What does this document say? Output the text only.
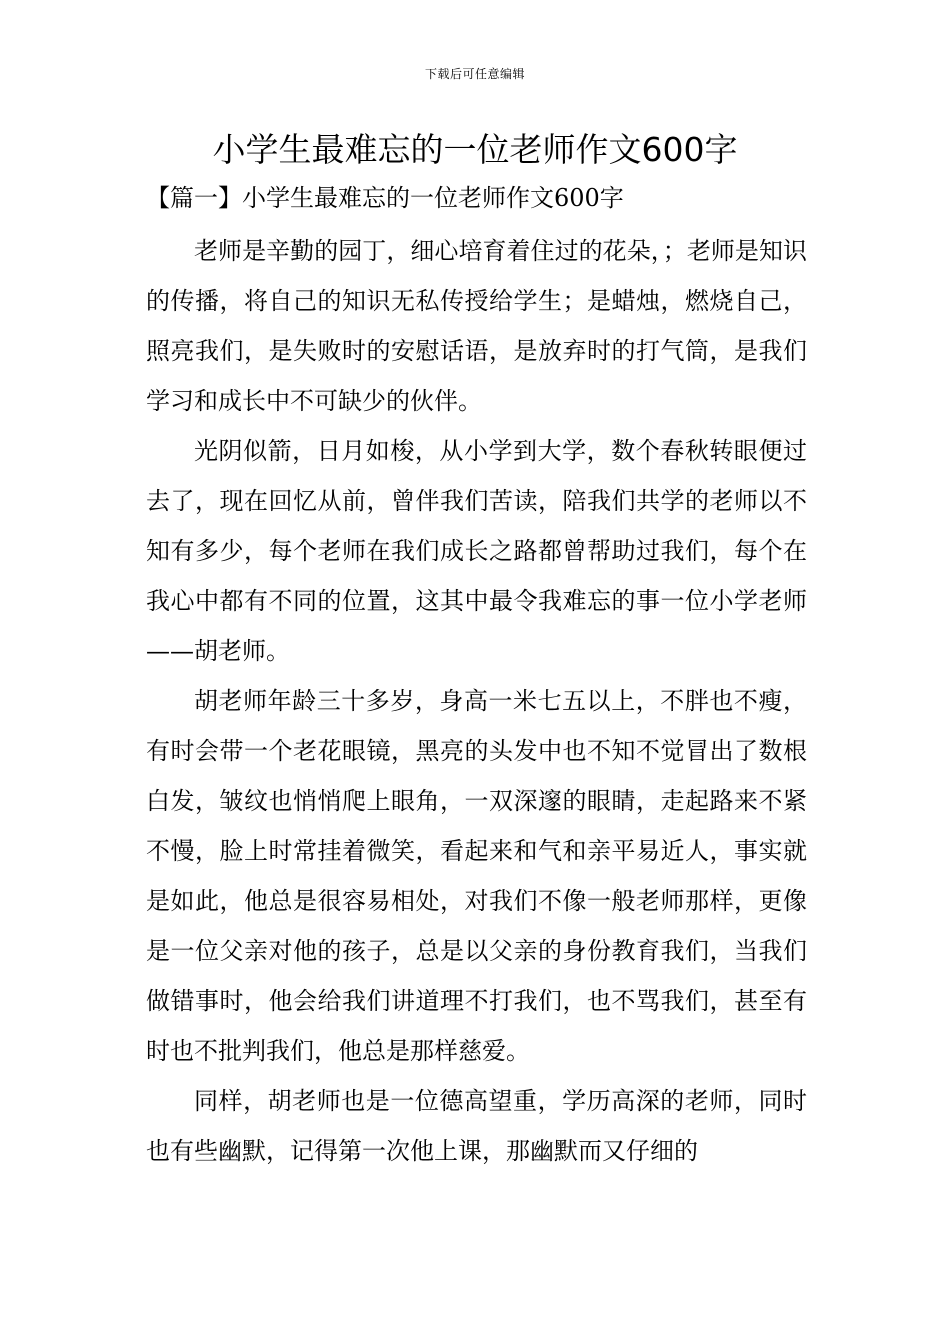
下载后可任意编辑
小学生最难忘的一位老师作文600字
【篇一】小学生最难忘的一位老师作文600字

老师是辛勤的园丁，细心培育着住过的花朵，；老师是知识的传播，将自己的知识无私传授给学生；是蜡烛，燃烧自己，照亮我们，是失败时的安慰话语，是放弃时的打气筒，是我们学习和成长中不可缺少的伙伴。

光阴似箭，日月如梭，从小学到大学，数个春秋转眼便过去了，现在回忆从前，曾伴我们苦读，陪我们共学的老师以不知有多少，每个老师在我们成长之路都曾帮助过我们，每个在我心中都有不同的位置，这其中最令我难忘的事一位小学老师——胡老师。

胡老师年龄三十多岁，身高一米七五以上，不胖也不瘦，有时会带一个老花眼镜，黑亮的头发中也不知不觉冒出了数根白发，皱纹也悄悄爬上眼角，一双深邃的眼睛，走起路来不紧不慢，脸上时常挂着微笑，看起来和气和亲平易近人，事实就是如此，他总是很容易相处，对我们不像一般老师那样，更像是一位父亲对他的孩子，总是以父亲的身份教育我们，当我们做错事时，他会给我们讲道理不打我们，也不骂我们，甚至有时也不批判我们，他总是那样慈爱。

同样，胡老师也是一位德高望重，学历高深的老师，同时也有些幽默，记得第一次他上课，那幽默而又仔细的
